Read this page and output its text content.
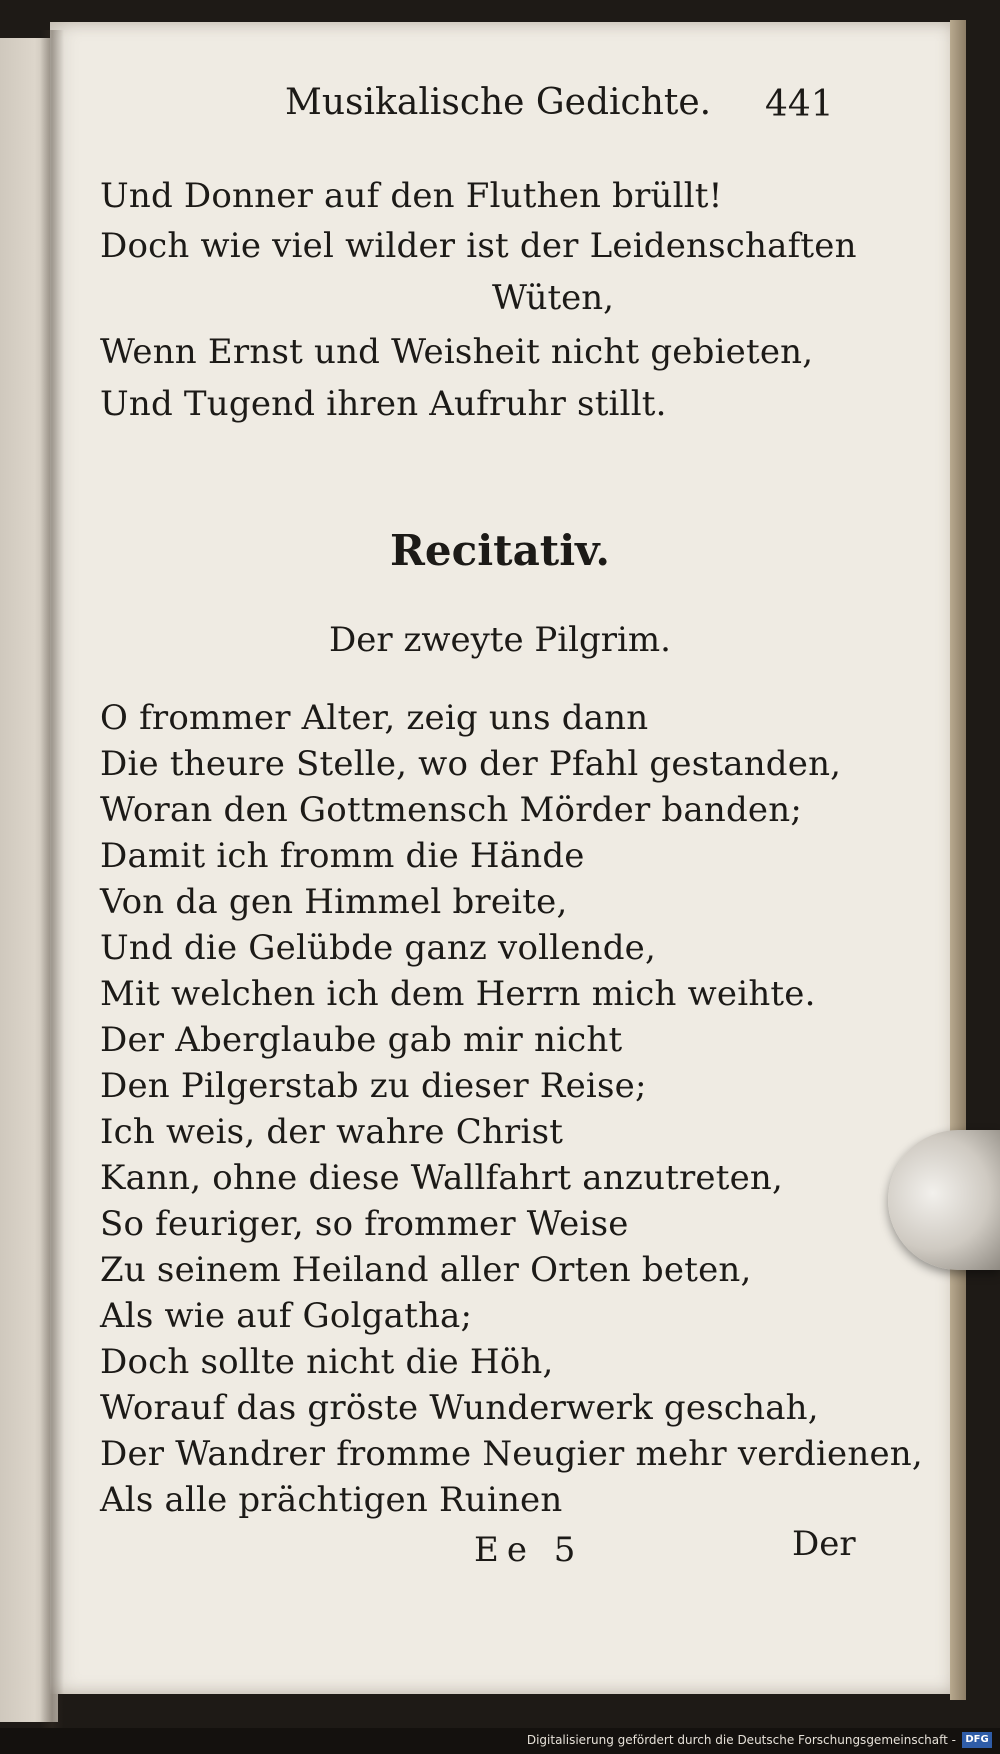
Musikalische Gedichte. 441
Und Donner auf den Fluthen brüllt!
Doch wie viel wilder ist der Leidenschaften
Wüten,
Wenn Ernst und Weisheit nicht gebieten,
Und Tugend ihren Aufruhr stillt.
Recitativ.
Der zweyte Pilgrim.
O frommer Alter, zeig uns dann
Die theure Stelle, wo der Pfahl gestanden,
Woran den Gottmensch Mörder banden;
Damit ich fromm die Hände
Von da gen Himmel breite,
Und die Gelübde ganz vollende,
Mit welchen ich dem Herrn mich weihte.
Der Aberglaube gab mir nicht
Den Pilgerstab zu dieser Reise;
Ich weis, der wahre Christ
Kann, ohne diese Wallfahrt anzutreten,
So feuriger, so frommer Weise
Zu seinem Heiland aller Orten beten,
Als wie auf Golgatha;
Doch sollte nicht die Höh,
Worauf das gröste Wunderwerk geschah,
Der Wandrer fromme Neugier mehr verdienen,
Als alle prächtigen Ruinen
Ee 5	Der
Digitalisierung gefördert durch die Deutsche Forschungsgemeinschaft - DFG
